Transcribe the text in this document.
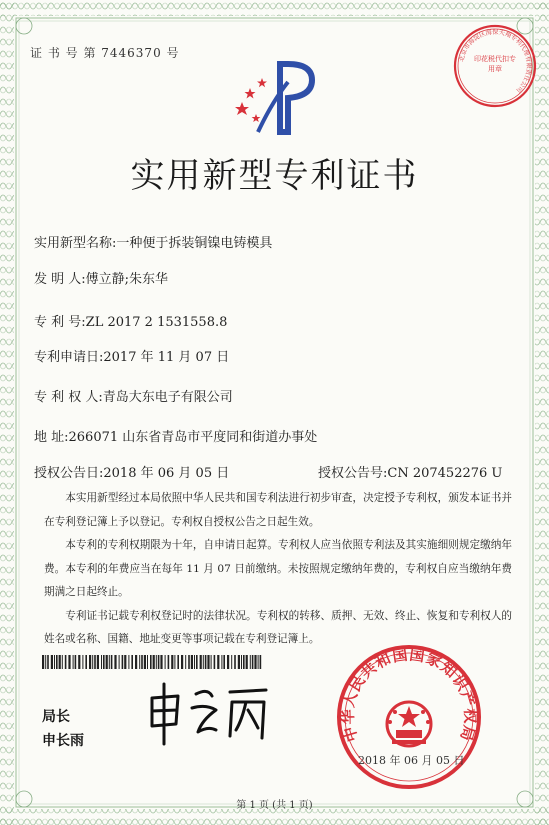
证 书 号 第 7446370 号	北京市海淀区海保天翔专利代理有限责任公司
印花税代扣专用章
实用新型专利证书
实用新型名称:一种便于拆装铜镍电铸模具
发 明 人:傅立静;朱东华
专 利 号:ZL 2017 2 1531558.8
专利申请日:2017 年 11 月 07 日
专 利 权 人:青岛大东电子有限公司
地 址:266071 山东省青岛市平度同和街道办事处
授权公告日:2018 年 06 月 05 日	授权公告号:CN 207452276 U

本实用新型经过本局依照中华人民共和国专利法进行初步审查，决定授予专利权，颁发本证书并在专利登记簿上予以登记。专利权自授权公告之日起生效。

本专利的专利权期限为十年，自申请日起算。专利权人应当依照专利法及其实施细则规定缴纳年费。本专利的年费应当在每年 11 月 07 日前缴纳。未按照规定缴纳年费的，专利权自应当缴纳年费期满之日起终止。

专利证书记载专利权登记时的法律状况。专利权的转移、质押、无效、终止、恢复和专利权人的姓名或名称、国籍、地址变更等事项记载在专利登记簿上。

局长
申长雨	中华人民共和国国家知识产权局
2018 年 06 月 05 日
第 1 页 (共 1 页)
